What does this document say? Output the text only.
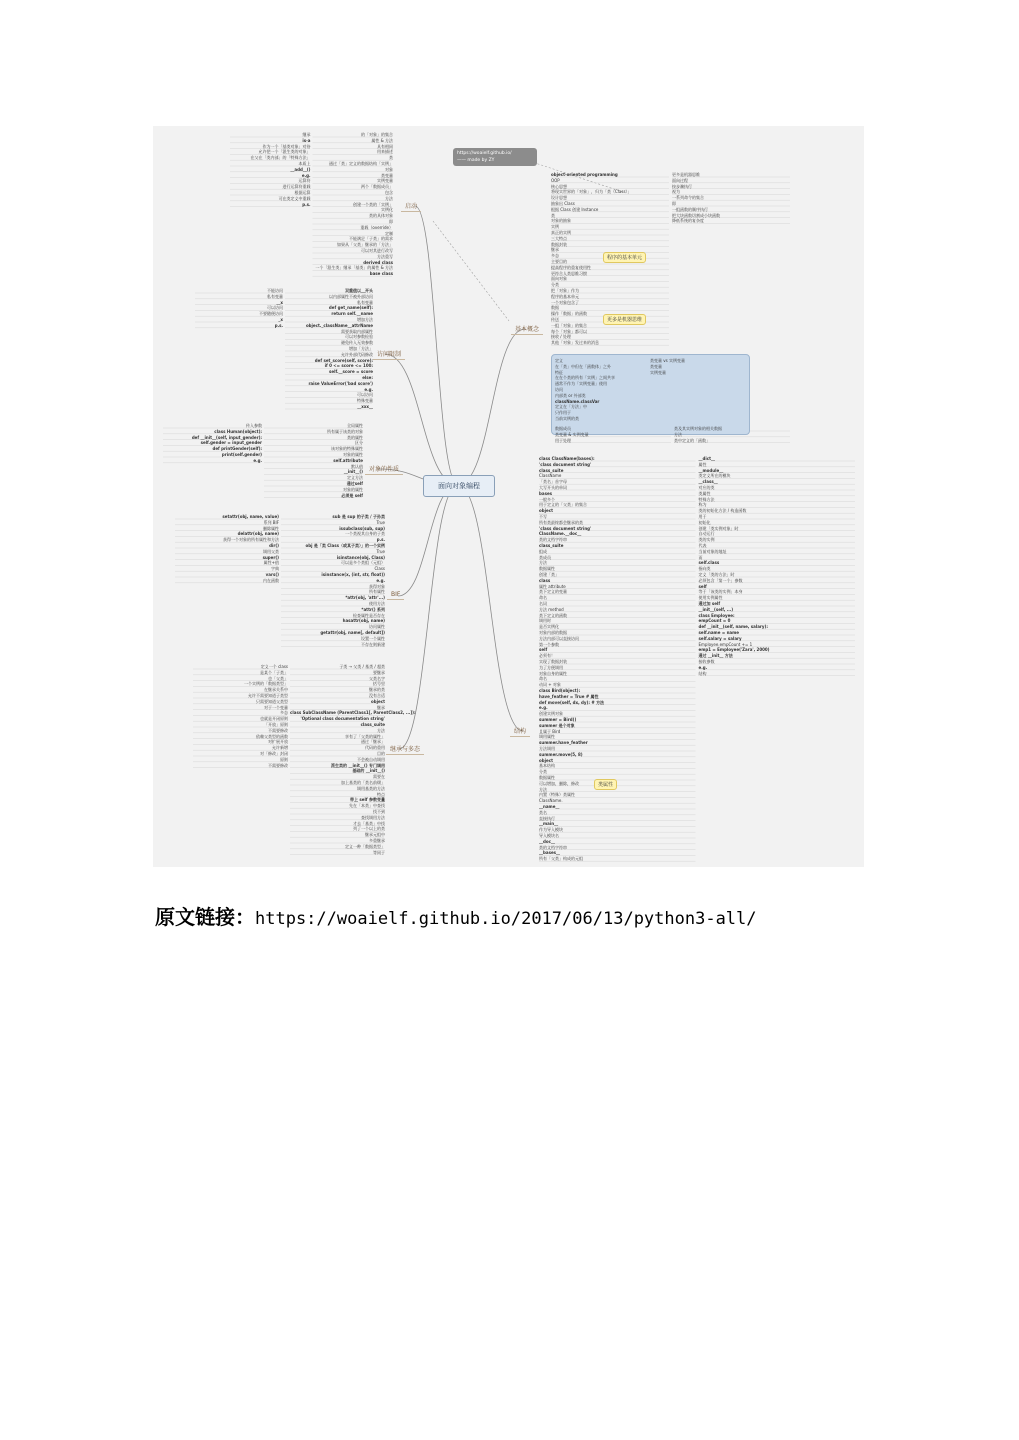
https://woaielf.github.io/
—— made by ZY
面向对象编程
启动
访问限制
对象的性质
BIF
继承与多态
基本概念
结构
程序的基本单元
更多是机器思维
类属性
的「对象」的集合
属性 & 方法
具有相同
用来描述
类
通过「类」定义的数据结构「实例」
对象
类变量
实例变量
两个「数据成员」
包含
方法
创建一个类的「实例」
实例化
类的具体对象
即
重载（override）
定制
不能满足「子类」的需求
如果从「父类」继承的「方法」
可以对其进行改写
方法重写
derived class
一个「派生类」继承「基类」的属性 & 方法
base class
继承
is-a
作为一个「基类对象」对待
允许把一个「派生类的对象」
在父在「类内部」的「特殊方法」
本质上
__add__()
e.g.
运算符
进行运算符重载
根据运算
可在类定义中重载
p.s.
双重值以__开头
以内部属性不被外部访问
私有变量
def get_name(self):
return self.__name
增加方法
object._className__attrName
需要获取内部属性
可以对参数检验
避免传入无效参数
增加「方法」
允许外部代码修改
def set_score(self, score):
if 0 <= score <= 100:
self.__score = score
else:
raise ValueError('bad score')
e.g.
可以访问
特殊变量
__xxx__
不能访问
私有变量
__x
可以访问
不要随便访问
_x
p.s.
全局属性
所有属于该类的对象
类的属性
区分
该对象的特殊属性
对象的属性
self.attribute
默认值
__init__()
定义方法
通过self
对象的属性
必须是 self
传入参数
class Human(object):
def __init__(self, input_gender):
self.gender = input_gender
def printGender(self):
print(self.gender)
e.g.
sub 是 sup 的子类 / 子孙类
True
issubclass(sub, sup)
一个类视其自身的子类
p.s.
obj 是「类 Class（或其子类）」的一个实例
True
isinstance(obj, Class)
可以是多个类组（元组）
Class
isinstance(x, (int, str, float))
e.g.
获得对象
所有属性
*attr(obj, 'attr'...)
使用方法
*attr() 系列
检查属性是否存在
hasattr(obj, name)
访问属性
getattr(obj, name[, default])
设置一个属性
不存在则新建
setattr(obj, name, value)
系列 BIF
删除属性
delattr(obj, name)
获得一个对象的所有属性和方法
dir()
调用父类
super()
属性+值
字典
vars()
内在函数
子类 → 父类 / 基类 / 超类
要继承
父类名字
括号里
继承的类
没有合适
object
继承
class SubClassName (ParentClass1[, ParentClass2, ...]):
'Optional class documentation string'
class_suite
方法
享有了「父类的属性」
通过「继承」
代码的重用
目的
不会被自动调用
派生类的 __init__() 专门调用
基础的 __init__()
需要在
加上基类的「类名前缀」
调用基类的方法
特点
带上 self 参数变量
先在「本类」中查找
找不到
查找调用方法
才去「基类」中找
列了一个以上的类
继承元组中
多重继承
定义一种「数据类型」
等同于
定义一个 class
是某个「子类」
也「父类」
一个实例的「数据类型」
在继承关系中
允许不需要知道子类型
只需要知道父类型
对于一个变量
多态
也就是开闭原则
「开放」原则
不需要修改
依赖父类型的函数
对扩展开放
允许新增
对「修改」封闭
原则
不需要修改
object-oriented programming
OOP
核心思想
将现实世界的「对象」，归为「类（Class）」
设计思想
抽象出 Class
根据 Class 创建 Instance
类
对象的抽象
实例
真正的实例
三大特点
数据封装
继承
多态
主要目的
提高程序的重复使用性
更符合人类思维习惯
面向对象
分类
把「对象」作为
程序的基本单元
一个对象包含了
数据
操作「数据」的函数
传送
一组「对象」的集合
每个「对象」都可以
接收 / 处理
其他「对象」发过来的消息
更多是机器思维
面向过程
按步骤执行
视为
一系列命令的集合
即
一组函数的顺序执行
把大块函数切割成小块函数
降低系统的复杂度
定义
在「类」中但在「函数体」之外
特征
在在个类的所有「实例」之间共享
通常不作为「实例变量」使用
访问
内部类 or 外部类
className.classVar
定义在「方法」中
只作用于
当前实例的类
类变量 vs 实例变量
类变量
实例变量
数据成员
类变量 & 实例变量
用于处理
类及其实例对象的相关数据
方法
类中定义的「函数」
class ClassName(bases):
'class document string'
class_suite
ClassName
「类名」首字母
大写开头的单词
bases
一般多个
用于定义的「父类」的集合
object
不写
所有类最终都会继承的类
'class document string'
ClassName.__doc__
类的文档字符串
class_suite
组成
类成员
方法
数据属性
创建「类」
class
属性 attribute
类下定义的变量
命名
名词
方法 method
类下定义的函数
调用时
是否实例化
对象内部的数据
方法内部可以直接访问
第一个参数
self
必须有！
实现了数据封装
为了方便调用
对象自身的属性
命名
动词 + 对象
class Bird(object):
have_feather = True # 属性
def move(self, dx, dy): # 方法
e.g.
创建实例对象
summer = Bird()
summer 是个对象
且属于 Bird
调用属性
summer.have_feather
方法调用
summer.move(5, 8)
object
基本结构
分类
数据属性
可以增加，删除，修改
方法
内置（特殊）类属性
ClassName.
__name__
类名
直接执行
__main__
作为导入模块
导入模块名
__doc__
类的文档字符串
__bases__
所有「父类」构成的元组
__dict__
属性
__module__
类定义所在的模块
__class__
对应的类
类属性
特殊方法
称为
类的初始化方法 / 构造函数
用于
初始化
创建「类实例对象」时
自动运行
类的实例
代表
当前对象的地址
而
self.class
指向类
定义「类的方法」时
必须包含「第一个」参数
self
等于「该类的实例」本身
使用实例属性
通过加 self
__init__(self, ...)
class Employee:
empCount = 0
def __init__(self, name, salary):
self.name = name
self.salary = salary
Employee.empCount += 1
emp1 = Employee('Zara', 2000)
通过 __init__ 方法
接收参数
e.g.
结构
原文链接：https://woaielf.github.io/2017/06/13/python3-all/
